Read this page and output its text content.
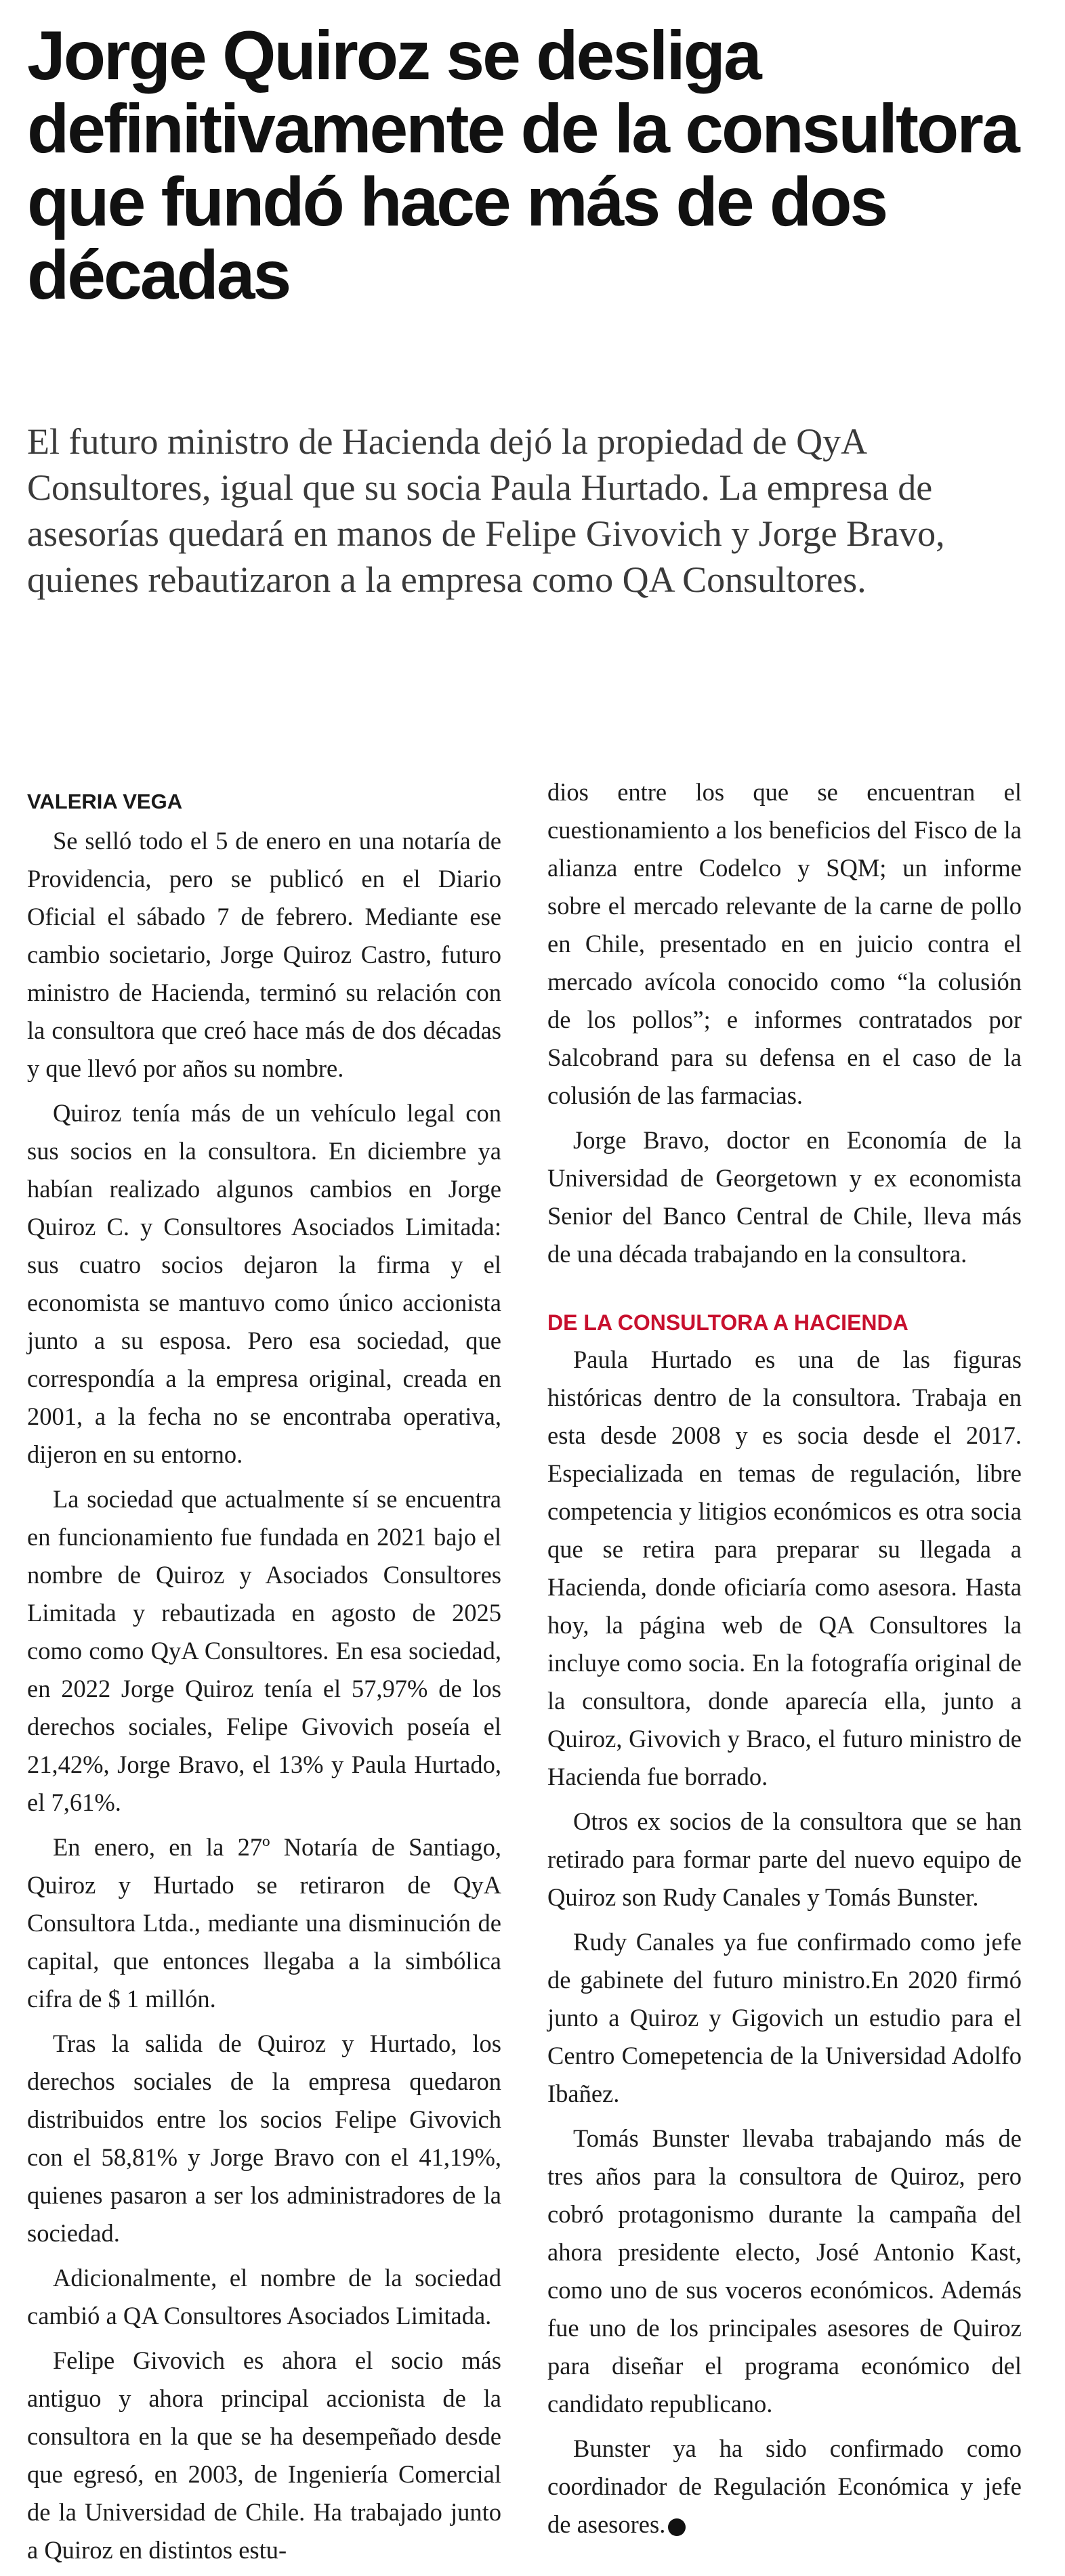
Jorge Quiroz se desliga definitivamente de la consultora que fundó hace más de dos décadas

El futuro ministro de Hacienda dejó la propiedad de QyA Consultores, igual que su socia Paula Hurtado. La empresa de asesorías quedará en manos de Felipe Givovich y Jorge Bravo, quienes rebautizaron a la empresa como QA Consultores.

VALERIA VEGA

Se selló todo el 5 de enero en una notaría de Providencia, pero se publicó en el Diario Oficial el sábado 7 de febrero. Mediante ese cambio societario, Jorge Quiroz Castro, futuro ministro de Hacienda, terminó su relación con la consultora que creó hace más de dos décadas y que llevó por años su nombre.

Quiroz tenía más de un vehículo legal con sus socios en la consultora. En diciembre ya habían realizado algunos cambios en Jorge Quiroz C. y Consultores Asociados Limitada: sus cuatro socios dejaron la firma y el economista se mantuvo como único accionista junto a su esposa. Pero esa sociedad, que correspondía a la empresa original, creada en 2001, a la fecha no se encontraba operativa, dijeron en su entorno.

La sociedad que actualmente sí se encuentra en funcionamiento fue fundada en 2021 bajo el nombre de Quiroz y Asociados Consultores Limitada y rebautizada en agosto de 2025 como como QyA Consultores. En esa sociedad, en 2022 Jorge Quiroz tenía el 57,97% de los derechos sociales, Felipe Givovich poseía el 21,42%, Jorge Bravo, el 13% y Paula Hurtado, el 7,61%.

En enero, en la 27º Notaría de Santiago, Quiroz y Hurtado se retiraron de QyA Consultora Ltda., mediante una disminución de capital, que entonces llegaba a la simbólica cifra de $ 1 millón.

Tras la salida de Quiroz y Hurtado, los derechos sociales de la empresa quedaron distribuidos entre los socios Felipe Givovich con el 58,81% y Jorge Bravo con el 41,19%, quienes pasaron a ser los administradores de la sociedad.

Adicionalmente, el nombre de la sociedad cambió a QA Consultores Asociados Limitada.

Felipe Givovich es ahora el socio más antiguo y ahora principal accionista de la consultora en la que se ha desempeñado desde que egresó, en 2003, de Ingeniería Comercial de la Universidad de Chile. Ha trabajado junto a Quiroz en distintos estu-

dios entre los que se encuentran el cuestionamiento a los beneficios del Fisco de la alianza entre Codelco y SQM; un informe sobre el mercado relevante de la carne de pollo en Chile, presentado en en juicio contra el mercado avícola conocido como “la colusión de los pollos”; e informes contratados por Salcobrand para su defensa en el caso de la colusión de las farmacias.

Jorge Bravo, doctor en Economía de la Universidad de Georgetown y ex economista Senior del Banco Central de Chile, lleva más de una década trabajando en la consultora.

DE LA CONSULTORA A HACIENDA

Paula Hurtado es una de las figuras históricas dentro de la consultora. Trabaja en esta desde 2008 y es socia desde el 2017. Especializada en temas de regulación, libre competencia y litigios económicos es otra socia que se retira para preparar su llegada a Hacienda, donde oficiaría como asesora. Hasta hoy, la página web de QA Consultores la incluye como socia. En la fotografía original de la consultora, donde aparecía ella, junto a Quiroz, Givovich y Braco, el futuro ministro de Hacienda fue borrado.

Otros ex socios de la consultora que se han retirado para formar parte del nuevo equipo de Quiroz son Rudy Canales y Tomás Bunster.

Rudy Canales ya fue confirmado como jefe de gabinete del futuro ministro.En 2020 firmó junto a Quiroz y Gigovich un estudio para el Centro Comepetencia de la Universidad Adolfo Ibañez.

Tomás Bunster llevaba trabajando más de tres años para la consultora de Quiroz, pero cobró protagonismo durante la campaña del ahora presidente electo, José Antonio Kast, como uno de sus voceros económicos. Además fue uno de los principales asesores de Quiroz para diseñar el programa económico del candidato republicano.

Bunster ya ha sido confirmado como coordinador de Regulación Económica y jefe de asesores. P
